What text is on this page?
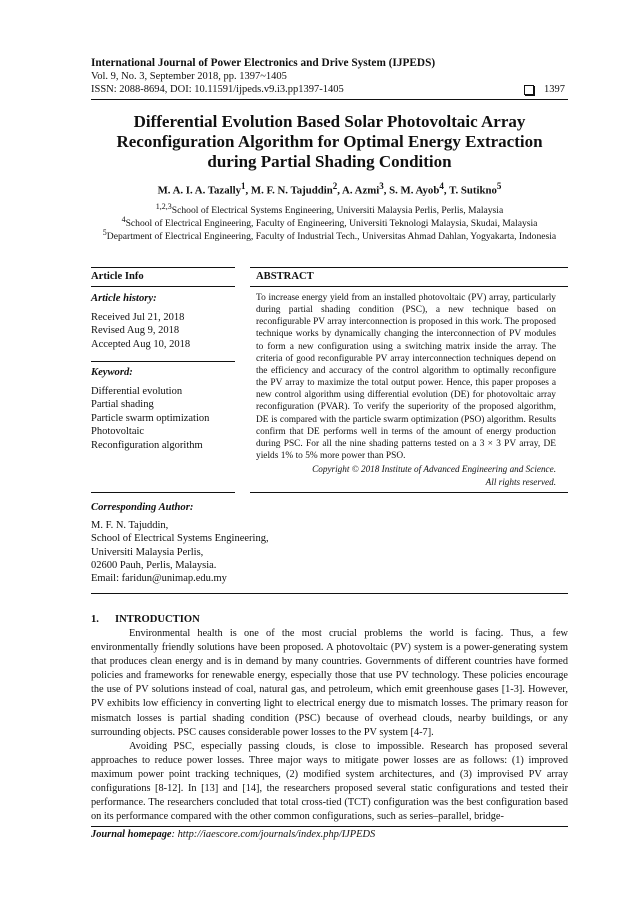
International Journal of Power Electronics and Drive System (IJPEDS)
Vol. 9, No. 3, September 2018, pp. 1397~1405
ISSN: 2088-8694, DOI: 10.11591/ijpeds.v9.i3.pp1397-1405	1397
Differential Evolution Based Solar Photovoltaic Array
Reconfiguration Algorithm for Optimal Energy Extraction
during Partial Shading Condition
M. A. I. A. Tazally$^1$, M. F. N. Tajuddin$^2$, A. Azmi$^3$, S. M. Ayob$^4$, T. Sutikno$^5$
$^{1,2,3}$School of Electrical Systems Engineering, Universiti Malaysia Perlis, Perlis, Malaysia
$^4$School of Electrical Engineering, Faculty of Engineering, Universiti Teknologi Malaysia, Skudai, Malaysia
$^5$Department of Electrical Engineering, Faculty of Industrial Tech., Universitas Ahmad Dahlan, Yogyakarta, Indonesia
Article Info	ABSTRACT
Article history:
Received Jul 21, 2018
Revised Aug 9, 2018
Accepted Aug 10, 2018
Keyword:
Differential evolution
Partial shading
Particle swarm optimization
Photovoltaic
Reconfiguration algorithm
To increase energy yield from an installed photovoltaic (PV) array, particularly during partial shading condition (PSC), a new technique based on reconfigurable PV array interconnection is proposed in this work. The proposed technique works by dynamically changing the interconnection of PV modules to form a new configuration using a switching matrix inside the array. The criteria of good reconfigurable PV array interconnection techniques depend on the efficiency and accuracy of the control algorithm to optimally reconfigure the PV array to maximize the total output power. Hence, this paper proposes a new control algorithm using differential evolution (DE) for photovoltaic array reconfiguration (PVAR). To verify the superiority of the proposed algorithm, DE is compared with the particle swarm optimization (PSO) algorithm. Results confirm that DE performs well in terms of the amount of energy production during PSC. For all the nine shading patterns tested on a 3 × 3 PV array, DE yields 1% to 5% more power than PSO.
Copyright © 2018 Institute of Advanced Engineering and Science.
All rights reserved.
Corresponding Author:
M. F. N. Tajuddin,
School of Electrical Systems Engineering,
Universiti Malaysia Perlis,
02600 Pauh, Perlis, Malaysia.
Email: faridun@unimap.edu.my
1. INTRODUCTION
Environmental health is one of the most crucial problems the world is facing. Thus, a few environmentally friendly solutions have been proposed. A photovoltaic (PV) system is a power-generating system that produces clean energy and is in demand by many countries. Governments of different countries have formed policies and frameworks for renewable energy, especially those that use PV technology. These policies encourage the use of PV solutions instead of coal, natural gas, and petroleum, which emit greenhouse gases [1-3]. However, PV exhibits low efficiency in converting light to electrical energy due to mismatch losses. The primary reason for mismatch losses is partial shading condition (PSC) because of overhead clouds, nearby buildings, or any surrounding objects. PSC causes considerable power losses to the PV system [4-7].
Avoiding PSC, especially passing clouds, is close to impossible. Research has proposed several approaches to reduce power losses. Three major ways to mitigate power losses are as follows: (1) improved maximum power point tracking techniques, (2) modified system architectures, and (3) improvised PV array configurations [8-12]. In [13] and [14], the researchers proposed several static configurations and tested their performance. The researchers concluded that total cross-tied (TCT) configuration was the best configuration based on its performance compared with the other common configurations, such as series–parallel, bridge-
Journal homepage: http://iaescore.com/journals/index.php/IJPEDS
